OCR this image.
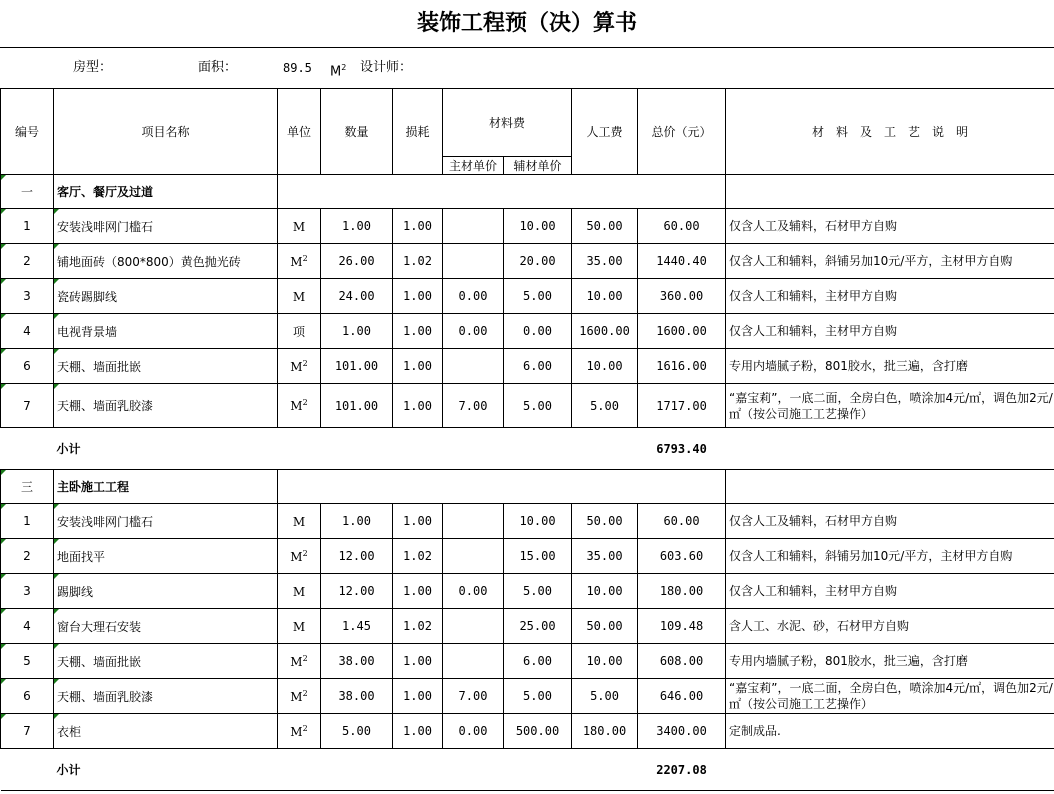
装饰工程预（决）算书
房型：	面积：	89.5 $M^2$ 设计师：
编号	项目名称	单位	数量	损耗	材料费		人工费	总价（元）	材　料　及　工　艺　说　明
					主材单价	辅材单价			
一	客厅、餐厅及过道								
1	安装浅啡网门槛石	M	1.00	1.00		10.00	50.00	60.00	仅含人工及辅料，石材甲方自购
2	铺地面砖（800*800）黄色抛光砖	$M^2$	26.00	1.02		20.00	35.00	1440.40	仅含人工和辅料，斜铺另加10元/平方，主材甲方自购
3	瓷砖踢脚线	M	24.00	1.00	0.00	5.00	10.00	360.00	仅含人工和辅料，主材甲方自购
4	电视背景墙	项	1.00	1.00	0.00	0.00	1600.00	1600.00	仅含人工和辅料，主材甲方自购
6	天棚、墙面批嵌	$M^2$	101.00	1.00		6.00	10.00	1616.00	专用内墙腻子粉，801胶水，批三遍，含打磨
7	天棚、墙面乳胶漆	$M^2$	101.00	1.00	7.00	5.00	5.00	1717.00	“嘉宝莉”，一底二面，全房白色，喷涂加4元/㎡，调色加2元/㎡（按公司施工工艺操作）
	小计							6793.40	
三	主卧施工工程								
1	安装浅啡网门槛石	M	1.00	1.00		10.00	50.00	60.00	仅含人工及辅料，石材甲方自购
2	地面找平	$M^2$	12.00	1.02		15.00	35.00	603.60	仅含人工和辅料，斜铺另加10元/平方，主材甲方自购
3	踢脚线	M	12.00	1.00	0.00	5.00	10.00	180.00	仅含人工和辅料，主材甲方自购
4	窗台大理石安装	M	1.45	1.02		25.00	50.00	109.48	含人工、水泥、砂，石材甲方自购
5	天棚、墙面批嵌	$M^2$	38.00	1.00		6.00	10.00	608.00	专用内墙腻子粉，801胶水，批三遍，含打磨
6	天棚、墙面乳胶漆	$M^2$	38.00	1.00	7.00	5.00	5.00	646.00	“嘉宝莉”，一底二面，全房白色，喷涂加4元/㎡，调色加2元/㎡（按公司施工工艺操作）
7	衣柜	$M^2$	5.00	1.00	0.00	500.00	180.00	3400.00	定制成品.
	小计							2207.08	
